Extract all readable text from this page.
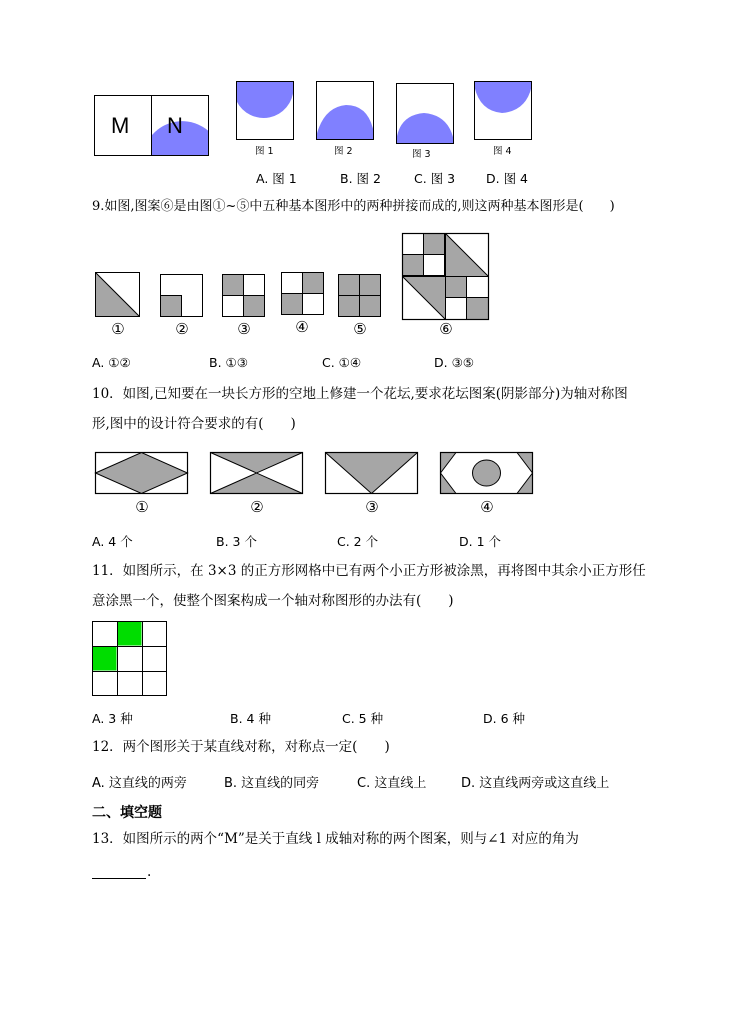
M N
图 1	图 2	图 3	图 4
A. 图 1	B. 图 2	C. 图 3 D. 图 4
9.如图,图案⑥是由图①~⑤中五种基本图形中的两种拼接而成的,则这两种基本图形是(　　)
①	②	③	④	⑤	⑥
A. ①②	B. ①③	C. ①④	D. ③⑤
10．如图,已知要在一块长方形的空地上修建一个花坛,要求花坛图案(阴影部分)为轴对称图
形,图中的设计符合要求的有(　　)
①	②	③	④
A. 4 个	B. 3 个	C. 2 个	D. 1 个
11．如图所示，在 3×3 的正方形网格中已有两个小正方形被涂黑，再将图中其余小正方形任
意涂黑一个，使整个图案构成一个轴对称图形的办法有(　　)
A. 3 种	B. 4 种	C. 5 种	D. 6 种
12．两个图形关于某直线对称，对称点一定(　　)
A. 这直线的两旁	B. 这直线的同旁	C. 这直线上	D. 这直线两旁或这直线上
二、填空题
13．如图所示的两个“M”是关于直线 l 成轴对称的两个图案，则与∠1 对应的角为
.
